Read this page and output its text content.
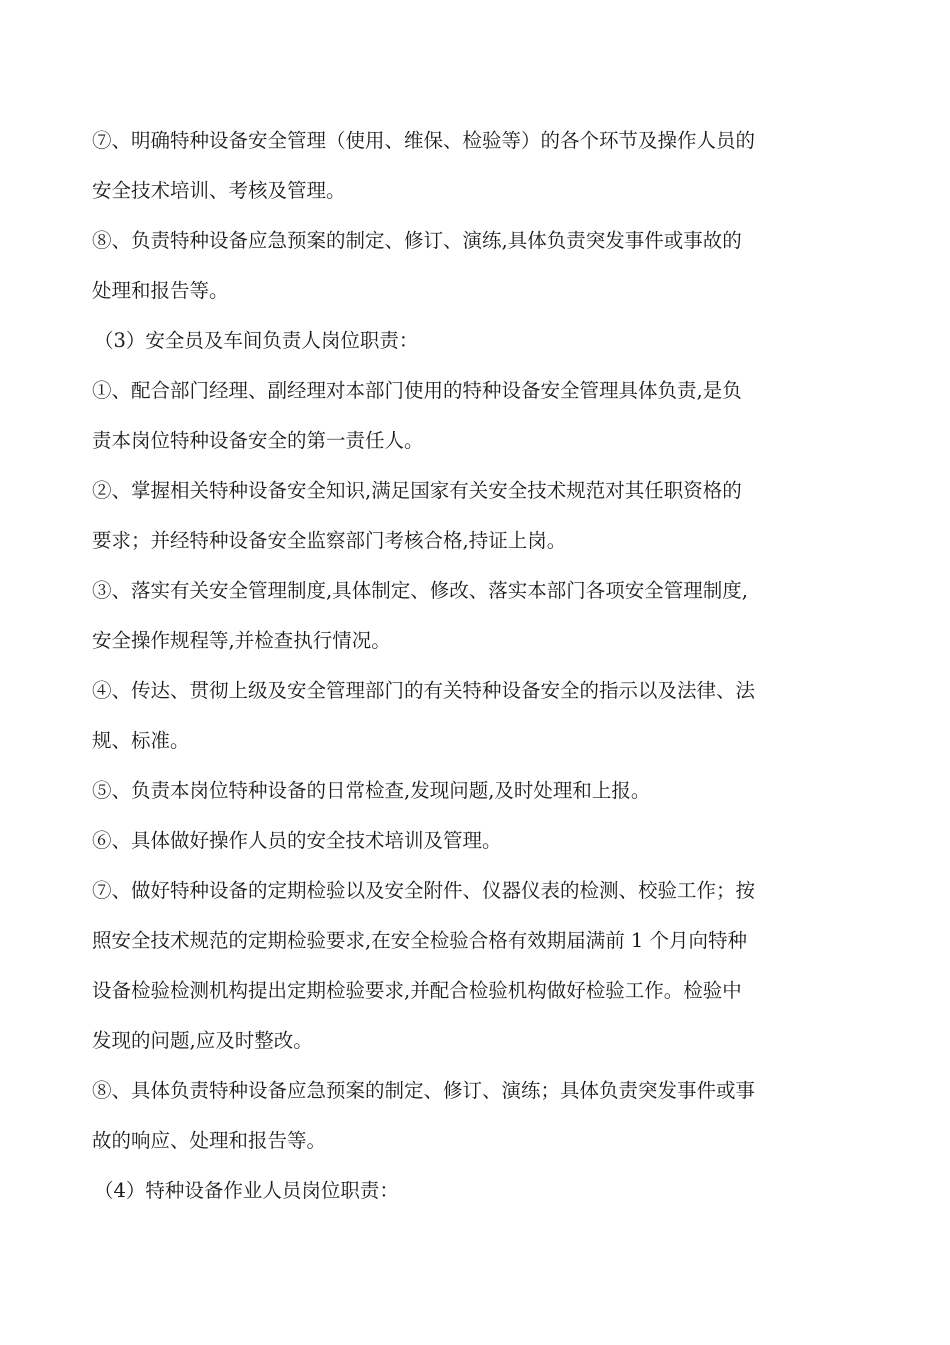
⑦、明确特种设备安全管理（使用、维保、检验等）的各个环节及操作人员的
安全技术培训、考核及管理。
⑧、负责特种设备应急预案的制定、修订、演练,具体负责突发事件或事故的
处理和报告等。
（3）安全员及车间负责人岗位职责：
①、配合部门经理、副经理对本部门使用的特种设备安全管理具体负责,是负
责本岗位特种设备安全的第一责任人。
②、掌握相关特种设备安全知识,满足国家有关安全技术规范对其任职资格的
要求；并经特种设备安全监察部门考核合格,持证上岗。
③、落实有关安全管理制度,具体制定、修改、落实本部门各项安全管理制度,
安全操作规程等,并检查执行情况。
④、传达、贯彻上级及安全管理部门的有关特种设备安全的指示以及法律、法
规、标准。
⑤、负责本岗位特种设备的日常检查,发现问题,及时处理和上报。
⑥、具体做好操作人员的安全技术培训及管理。
⑦、做好特种设备的定期检验以及安全附件、仪器仪表的检测、校验工作；按
照安全技术规范的定期检验要求,在安全检验合格有效期届满前 1 个月向特种
设备检验检测机构提出定期检验要求,并配合检验机构做好检验工作。检验中
发现的问题,应及时整改。
⑧、具体负责特种设备应急预案的制定、修订、演练；具体负责突发事件或事
故的响应、处理和报告等。
（4）特种设备作业人员岗位职责：
